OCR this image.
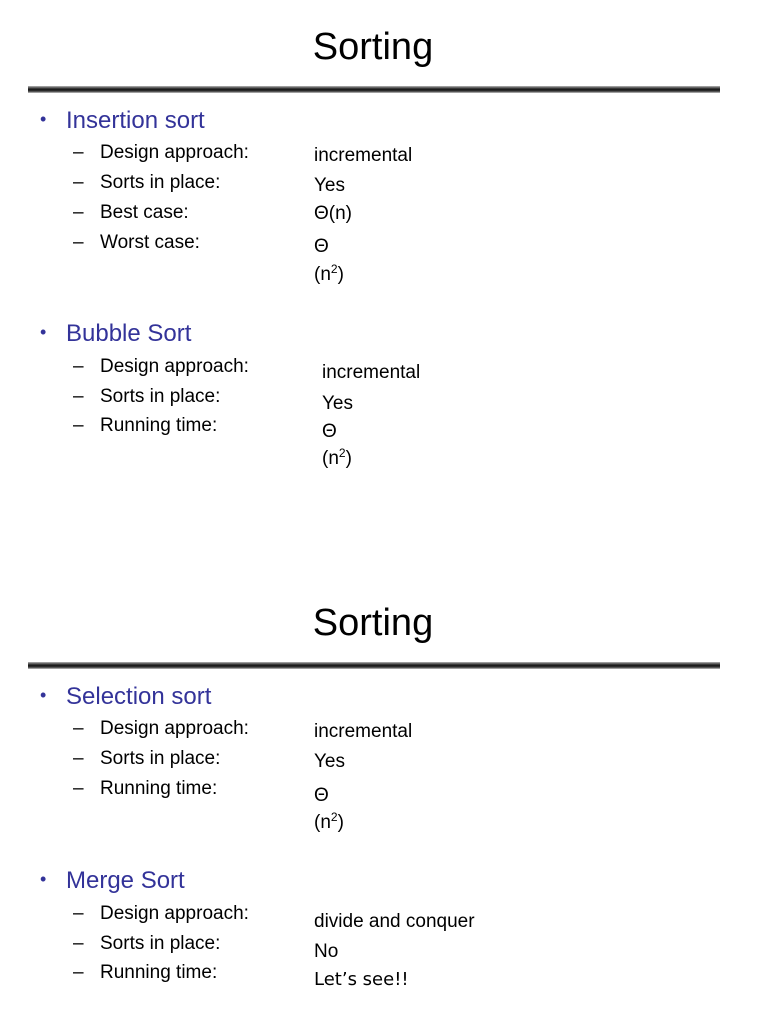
Sorting
• Insertion sort
– Design approach:	incremental
– Sorts in place:	Yes
– Best case:	Θ(n)
– Worst case:	Θ
$(n^2)$
• Bubble Sort
– Design approach:	incremental
– Sorts in place:	Yes
– Running time:	Θ
$(n^2)$
Sorting
• Selection sort
– Design approach:	incremental
– Sorts in place:	Yes
– Running time:	Θ
$(n^2)$
• Merge Sort
– Design approach:	divide and conquer
– Sorts in place:	No
– Running time:	Let’s see!!
